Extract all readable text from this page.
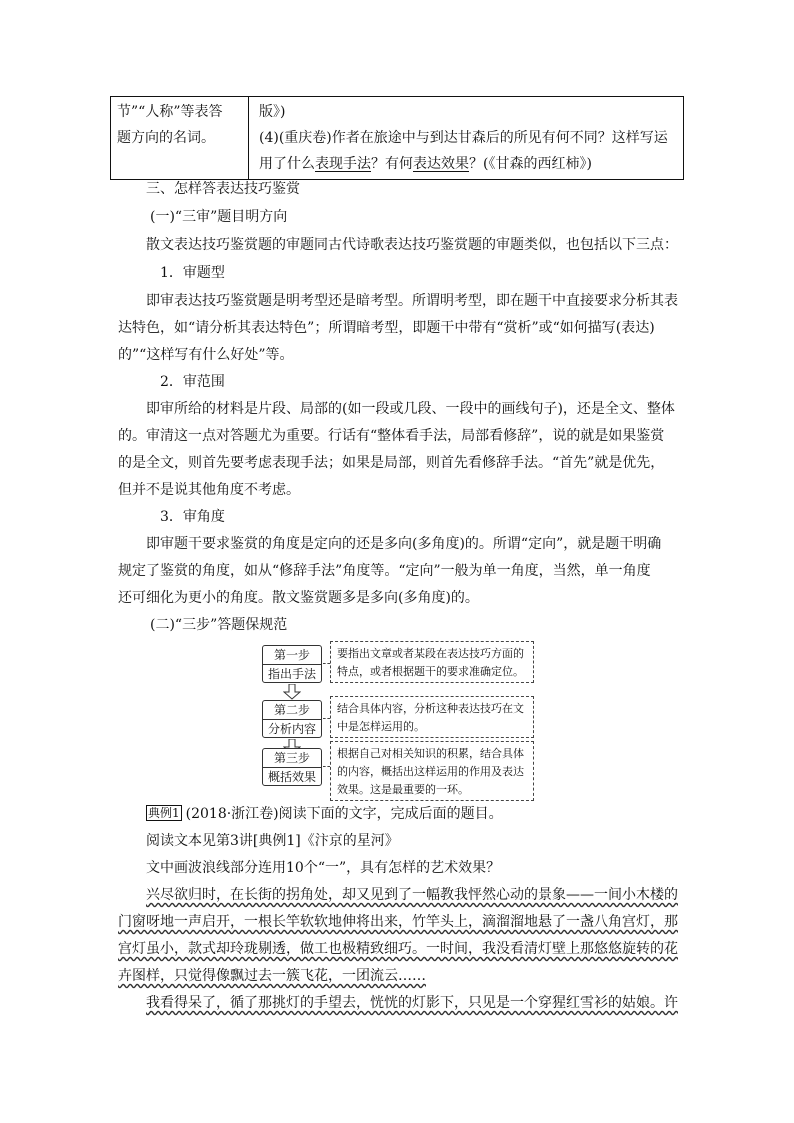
节”“人称”等表答
题方向的名词。
版》)
(4)(重庆卷)作者在旅途中与到达甘森后的所见有何不同？这样写运
用了什么表现手法？有何表达效果？(《甘森的西红柿》)
三、怎样答表达技巧鉴赏
(一)“三审”题目明方向
散文表达技巧鉴赏题的审题同古代诗歌表达技巧鉴赏题的审题类似，也包括以下三点：
1．审题型
即审表达技巧鉴赏题是明考型还是暗考型。所谓明考型，即在题干中直接要求分析其表
达特色，如“请分析其表达特色”；所谓暗考型，即题干中带有“赏析”或“如何描写(表达)
的”“这样写有什么好处”等。
2．审范围
即审所给的材料是片段、局部的(如一段或几段、一段中的画线句子)，还是全文、整体
的。审清这一点对答题尤为重要。行话有“整体看手法，局部看修辞”，说的就是如果鉴赏
的是全文，则首先要考虑表现手法；如果是局部，则首先看修辞手法。“首先”就是优先，
但并不是说其他角度不考虑。
3．审角度
即审题干要求鉴赏的角度是定向的还是多向(多角度)的。所谓“定向”，就是题干明确
规定了鉴赏的角度，如从“修辞手法”角度等。“定向”一般为单一角度，当然，单一角度
还可细化为更小的角度。散文鉴赏题多是多向(多角度)的。
(二)“三步”答题保规范
第一步
指出手法
要指出文章或者某段在表达技巧方面的特点，或者根据题干的要求准确定位。
第二步
分析内容
结合具体内容，分析这种表达技巧在文中是怎样运用的。
第三步
概括效果
根据自己对相关知识的积累，结合具体的内容，概括出这样运用的作用及表达效果。这是最重要的一环。
典例1 (2018·浙江卷)阅读下面的文字，完成后面的题目。
阅读文本见第3讲[典例1]《汴京的星河》
文中画波浪线部分连用10个“一”，具有怎样的艺术效果？
兴尽欲归时，在长街的拐角处，却又见到了一幅教我怦然心动的景象——一间小木楼的
门窗呀地一声启开，一根长竿软软地伸将出来，竹竿头上，滴溜溜地悬了一盏八角宫灯，那
宫灯虽小，款式却玲珑剔透，做工也极精致细巧。一时间，我没看清灯壁上那悠悠旋转的花
卉图样，只觉得像飘过去一簇飞花，一团流云……
我看得呆了，循了那挑灯的手望去，恍恍的灯影下，只见是一个穿猩红雪衫的姑娘。许
